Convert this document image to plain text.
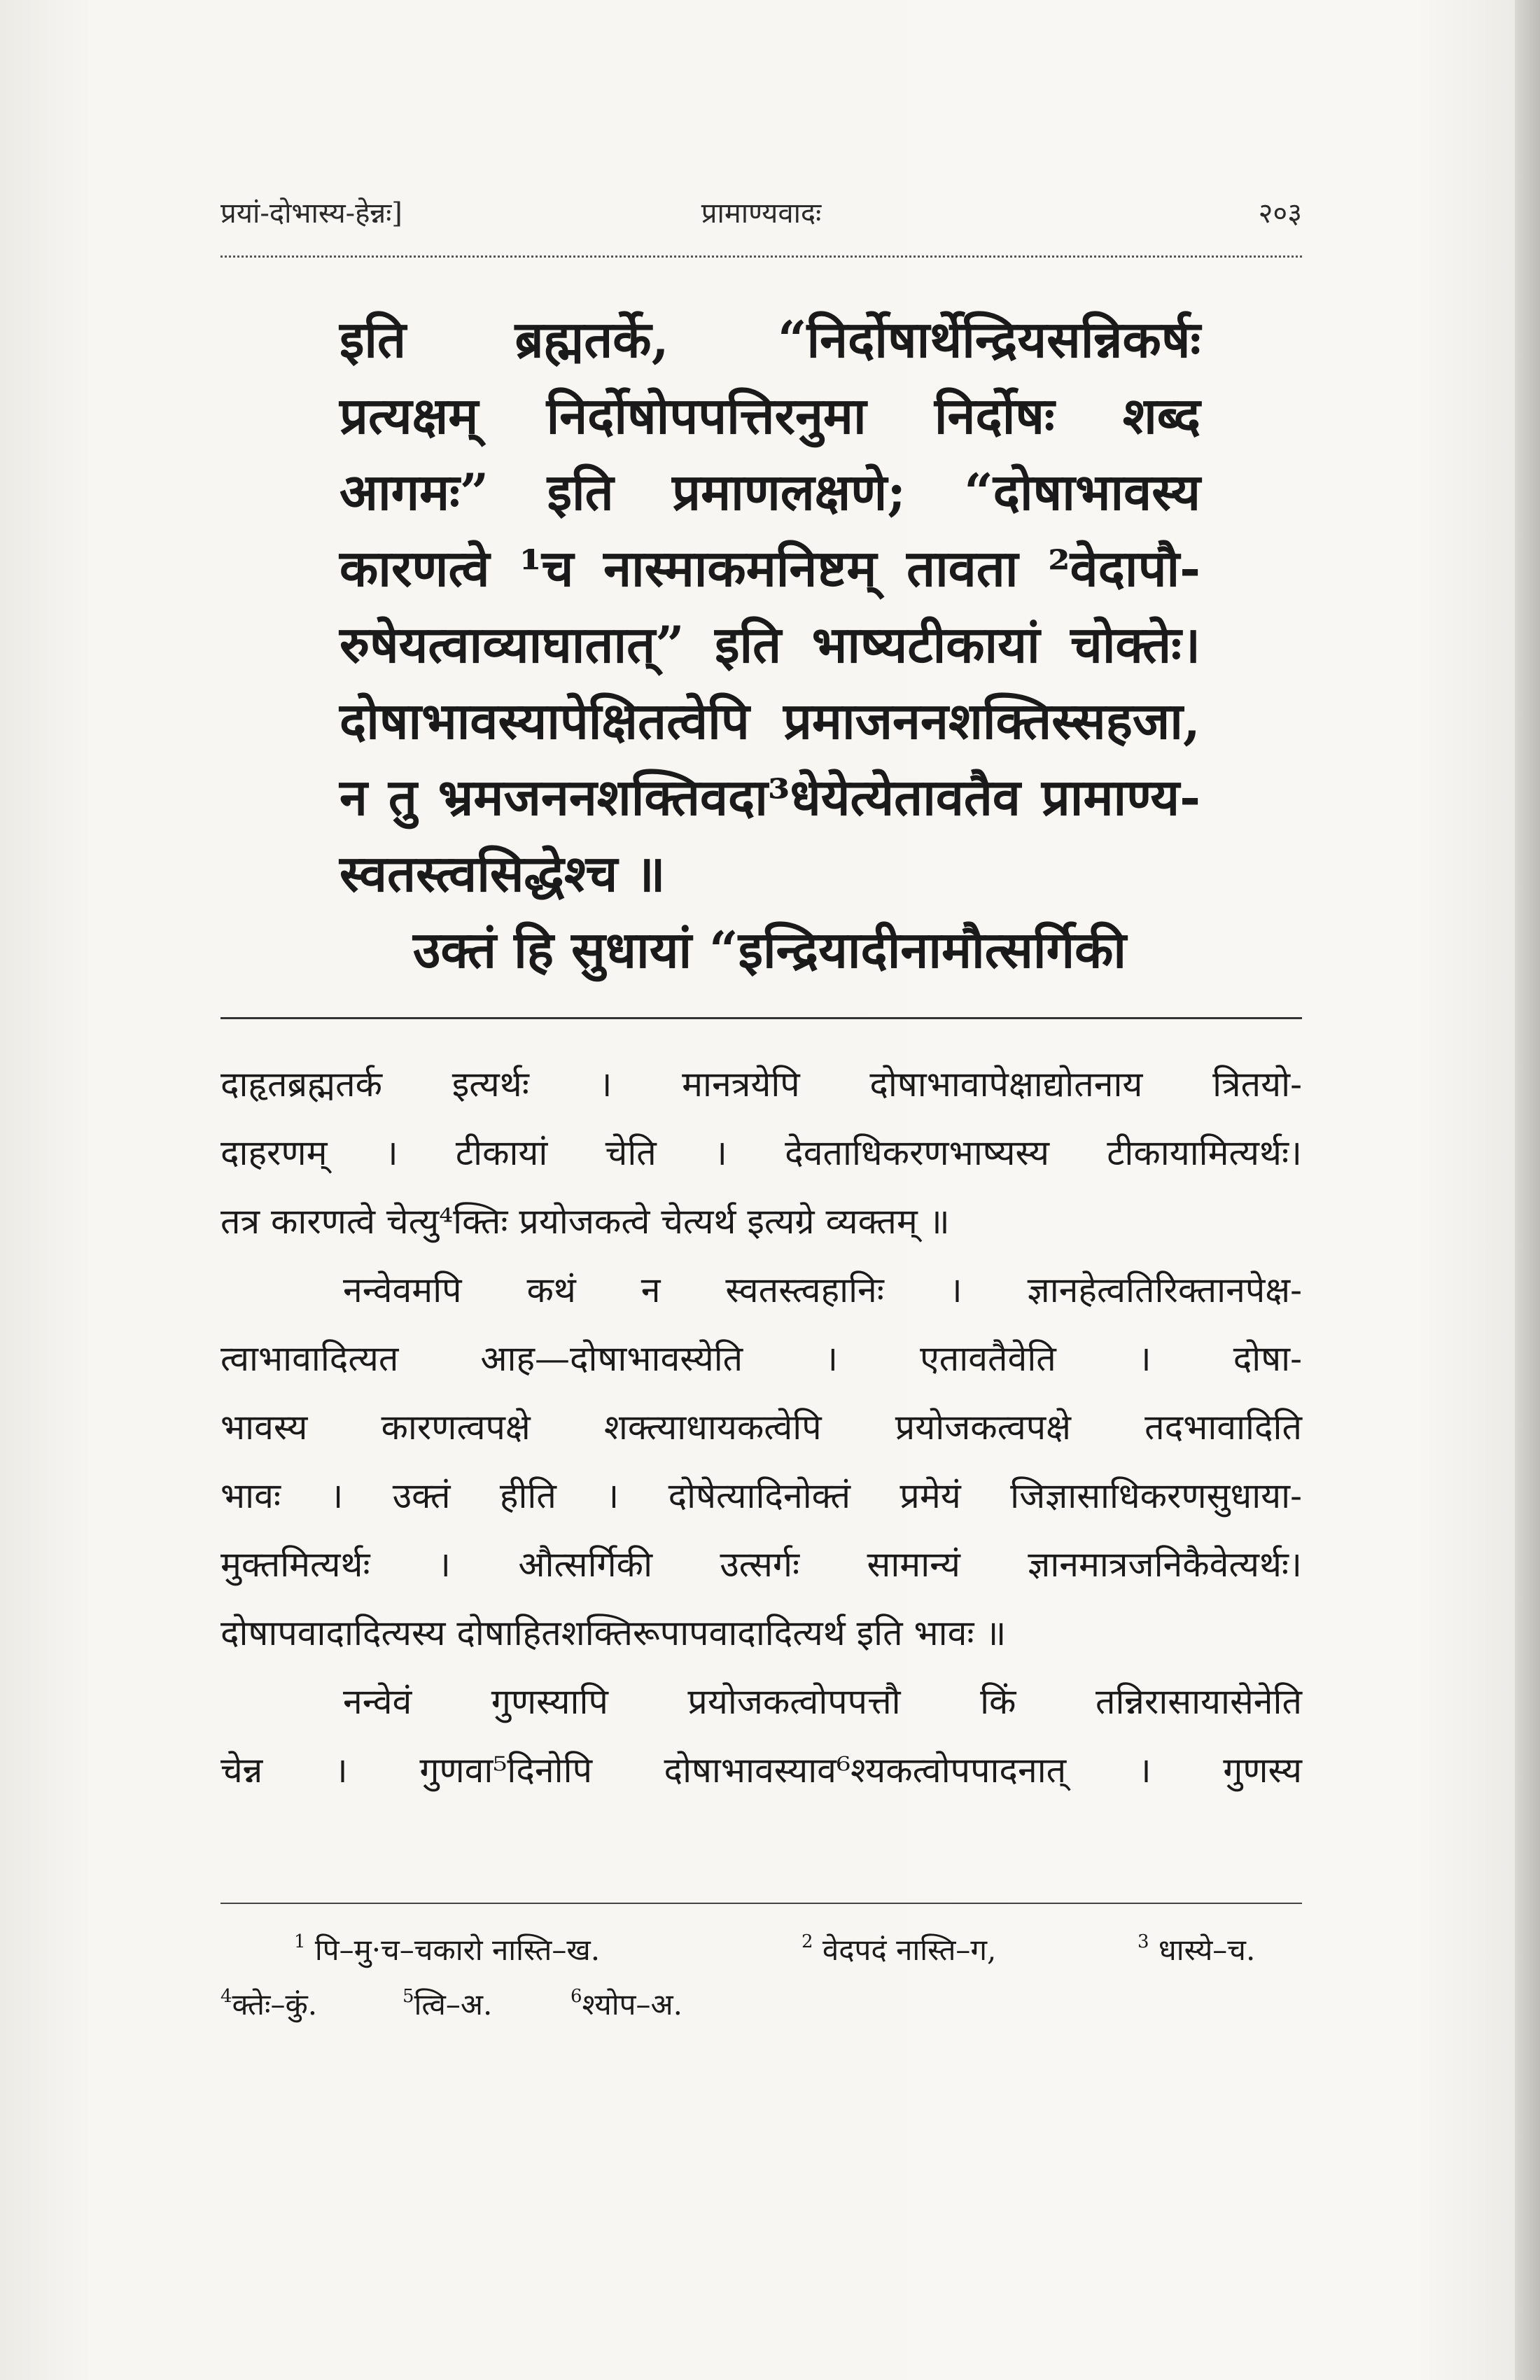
प्रयां-दोभास्य-हेन्नः]	प्रामाण्यवादः	२०३
इति ब्रह्मतर्के, “निर्दोषार्थेन्द्रियसन्निकर्षः
प्रत्यक्षम् निर्दोषोपपत्तिरनुमा निर्दोषः शब्द
आगमः” इति प्रमाणलक्षणे; “दोषाभावस्य
कारणत्वे ¹च नास्माकमनिष्टम् तावता ²वेदापौ-
रुषेयत्वाव्याघातात्” इति भाष्यटीकायां चोक्तेः।
दोषाभावस्यापेक्षितत्वेपि प्रमाजननशक्तिस्सहजा,
न तु भ्रमजननशक्तिवदा³धेयेत्येतावतैव प्रामाण्य-
स्वतस्त्वसिद्धेश्च ॥
उक्तं हि सुधायां “इन्द्रियादीनामौत्सर्गिकी
दाहृतब्रह्मतर्क इत्यर्थः । मानत्रयेपि दोषाभावापेक्षाद्योतनाय त्रितयो-
दाहरणम् । टीकायां चेति । देवताधिकरणभाष्यस्य टीकायामित्यर्थः।
तत्र कारणत्वे चेत्यु⁴क्तिः प्रयोजकत्वे चेत्यर्थ इत्यग्रे व्यक्तम् ॥
नन्वेवमपि कथं न स्वतस्त्वहानिः । ज्ञानहेत्वतिरिक्तानपेक्ष-
त्वाभावादित्यत आह—दोषाभावस्येति । एतावतैवेति । दोषा-
भावस्य कारणत्वपक्षे शक्त्याधायकत्वेपि प्रयोजकत्वपक्षे तदभावादिति
भावः । उक्तं हीति । दोषेत्यादिनोक्तं प्रमेयं जिज्ञासाधिकरणसुधाया-
मुक्तमित्यर्थः । औत्सर्गिकी उत्सर्गः सामान्यं ज्ञानमात्रजनिकैवेत्यर्थः।
दोषापवादादित्यस्य दोषाहितशक्तिरूपापवादादित्यर्थ इति भावः ॥
नन्वेवं गुणस्यापि प्रयोजकत्वोपपत्तौ किं तन्निरासायासेनेति
चेन्न । गुणवा⁵दिनोपि दोषाभावस्याव⁶श्यकत्वोपपादनात् । गुणस्य
$^1$ पि–मु·च–चकारो नास्ति–ख.	$^2$ वेदपदं नास्ति–ग,	$^3$ धास्ये–च.
$^4$क्तेः–कुं.	$^5$त्वि–अ.	$^6$श्योप–अ.
